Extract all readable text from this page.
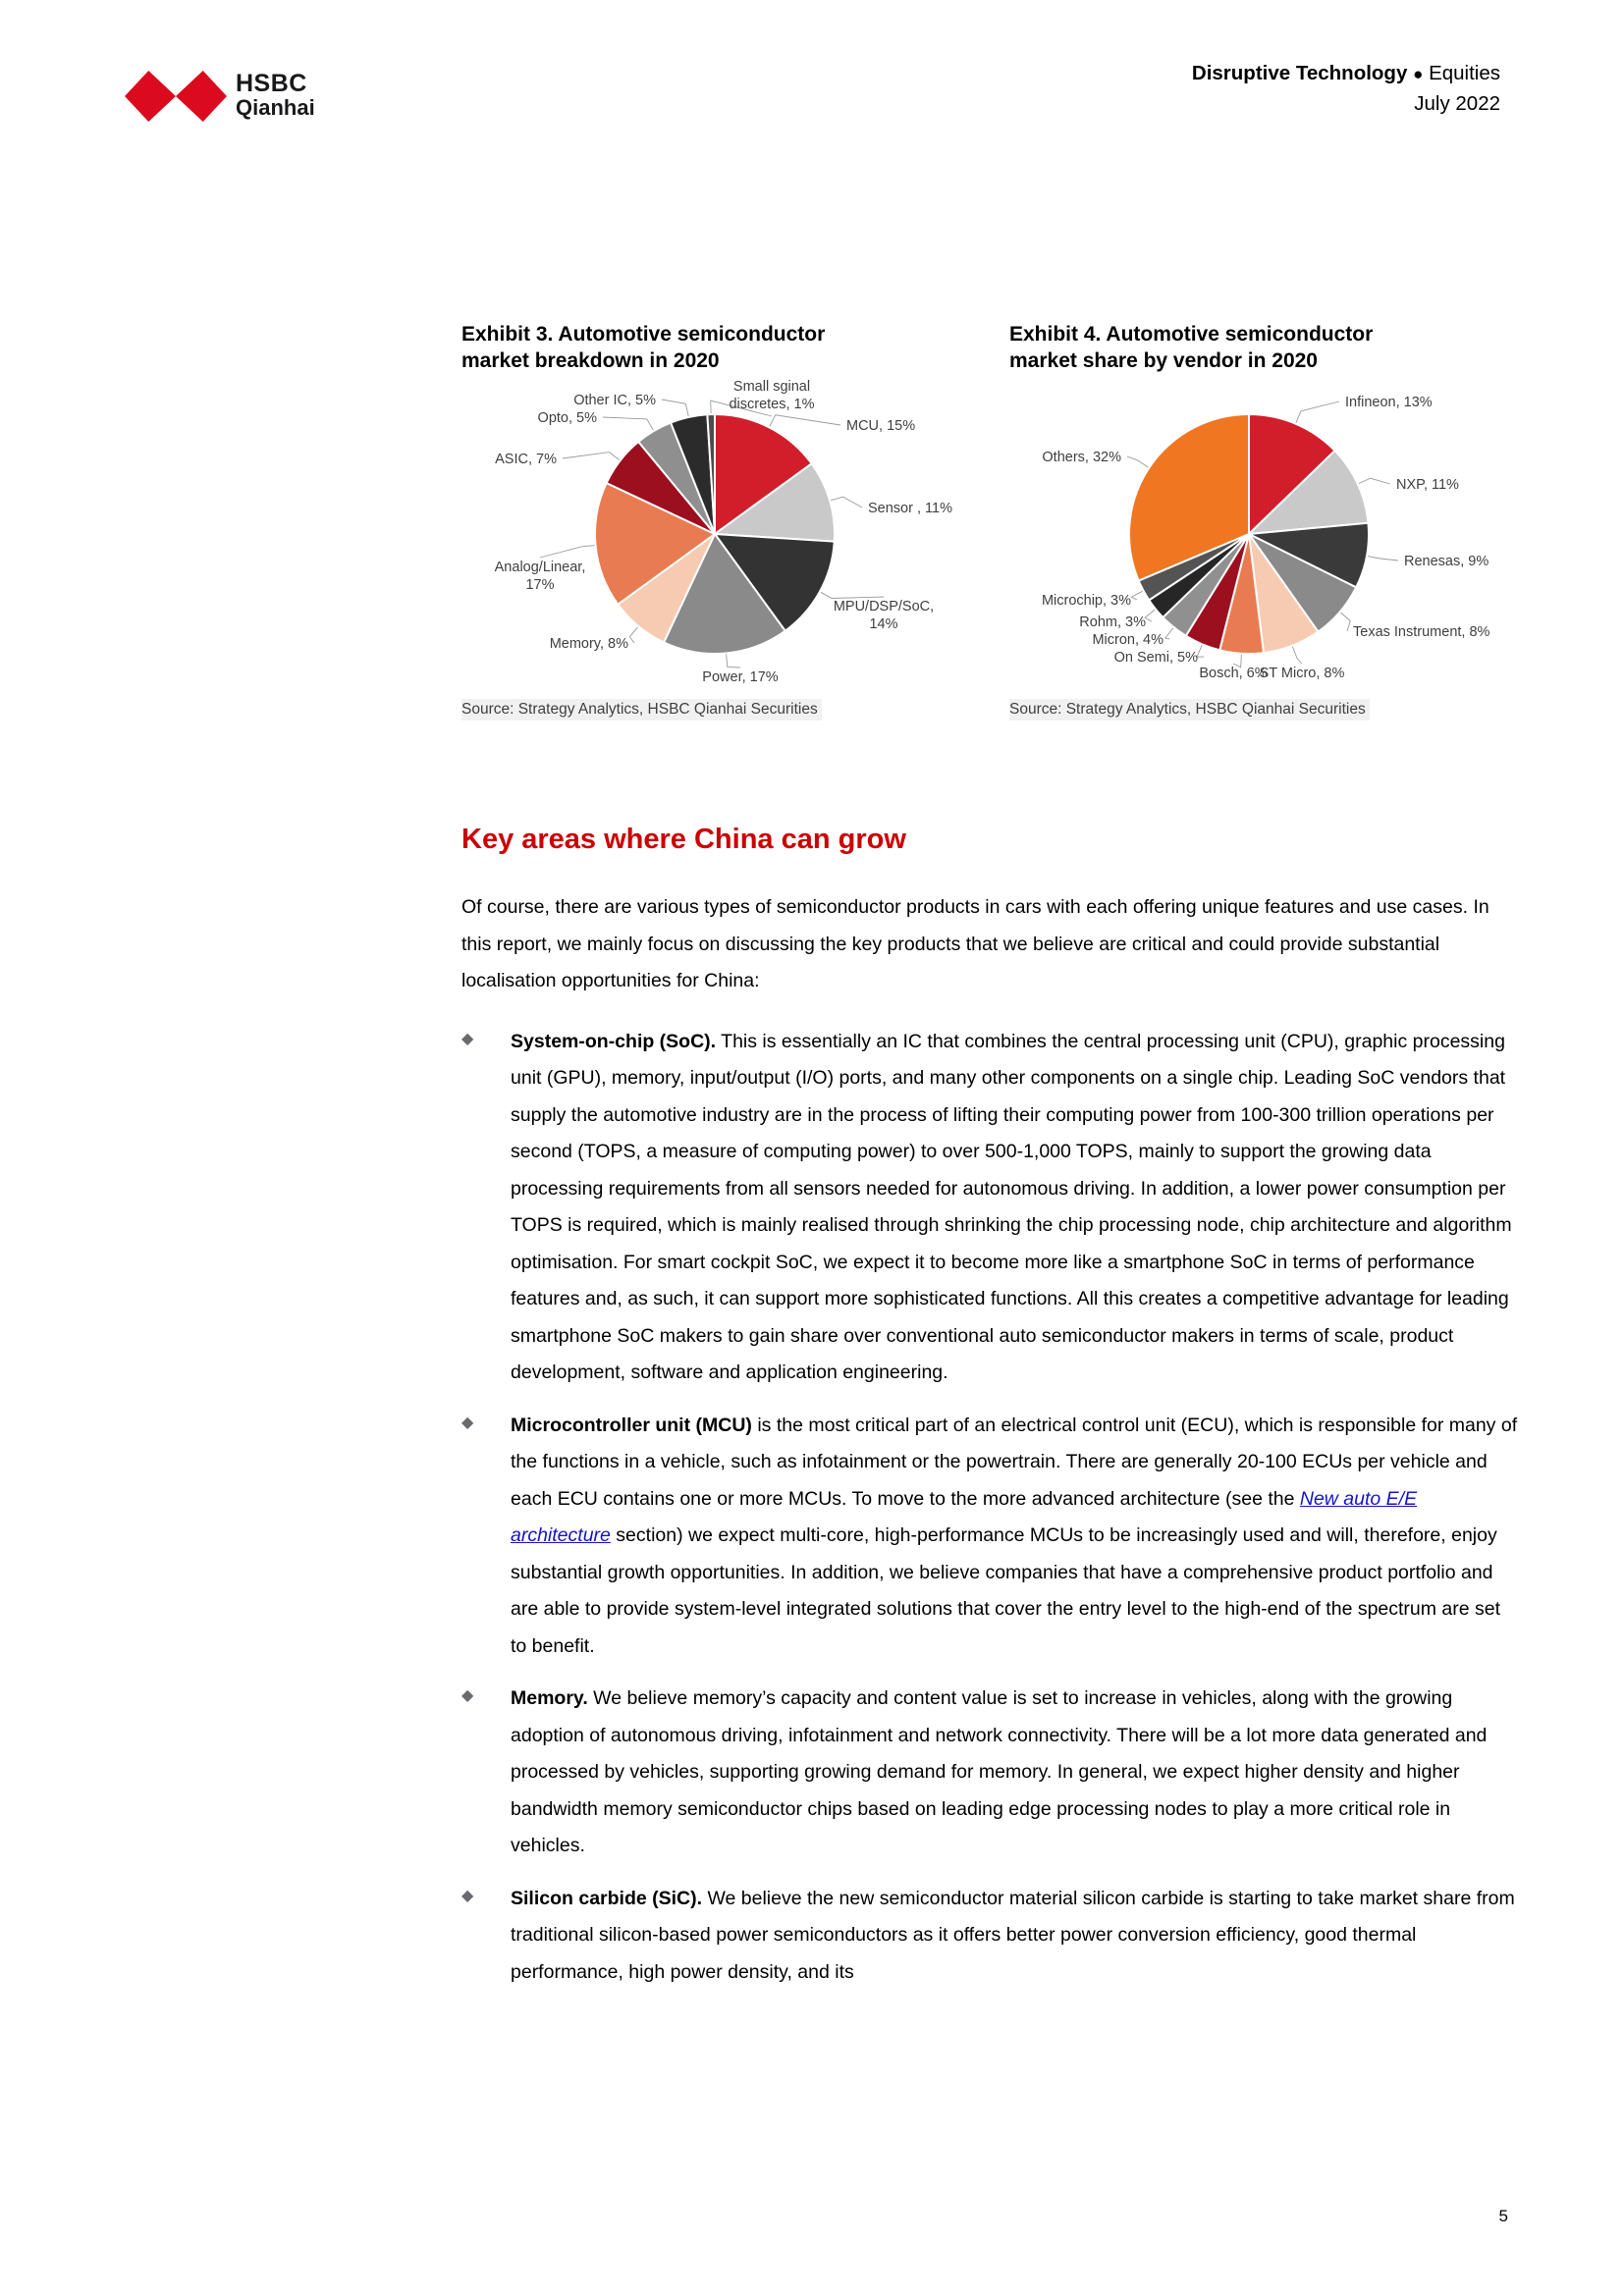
HSBC
Qianhai
Disruptive Technology ● Equities
July 2022
Exhibit 3. Automotive semiconductor
market breakdown in 2020
Exhibit 4. Automotive semiconductor
market share by vendor in 2020
MCU, 15%
Sensor , 11%
MPU/DSP/SoC,
14%
Power, 17%
Memory, 8%
Analog/Linear,
17%
ASIC, 7%
Opto, 5%
Other IC, 5%
Small sginal
discretes, 1%	Infineon, 13%
NXP, 11%
Renesas, 9%
Texas Instrument, 8%
ST Micro, 8%
Bosch, 6%
On Semi, 5%
Micron, 4%
Rohm, 3%
Microchip, 3%
Others, 32%
Source: Strategy Analytics, HSBC Qianhai Securities	Source: Strategy Analytics, HSBC Qianhai Securities
Key areas where China can grow

Of course, there are various types of semiconductor products in cars with each offering unique features and use cases. In this report, we mainly focus on discussing the key products that we believe are critical and could provide substantial localisation opportunities for China:

◆	System-on-chip (SoC). This is essentially an IC that combines the central processing unit (CPU), graphic processing unit (GPU), memory, input/output (I/O) ports, and many other components on a single chip. Leading SoC vendors that supply the automotive industry are in the process of lifting their computing power from 100-300 trillion operations per second (TOPS, a measure of computing power) to over 500-1,000 TOPS, mainly to support the growing data processing requirements from all sensors needed for autonomous driving. In addition, a lower power consumption per TOPS is required, which is mainly realised through shrinking the chip processing node, chip architecture and algorithm optimisation. For smart cockpit SoC, we expect it to become more like a smartphone SoC in terms of performance features and, as such, it can support more sophisticated functions. All this creates a competitive advantage for leading smartphone SoC makers to gain share over conventional auto semiconductor makers in terms of scale, product development, software and application engineering.
◆	Microcontroller unit (MCU) is the most critical part of an electrical control unit (ECU), which is responsible for many of the functions in a vehicle, such as infotainment or the powertrain. There are generally 20-100 ECUs per vehicle and each ECU contains one or more MCUs. To move to the more advanced architecture (see the New auto E/E architecture section) we expect multi-core, high-performance MCUs to be increasingly used and will, therefore, enjoy substantial growth opportunities. In addition, we believe companies that have a comprehensive product portfolio and are able to provide system-level integrated solutions that cover the entry level to the high-end of the spectrum are set to benefit.
◆	Memory. We believe memory’s capacity and content value is set to increase in vehicles, along with the growing adoption of autonomous driving, infotainment and network connectivity. There will be a lot more data generated and processed by vehicles, supporting growing demand for memory. In general, we expect higher density and higher bandwidth memory semiconductor chips based on leading edge processing nodes to play a more critical role in vehicles.
◆	Silicon carbide (SiC). We believe the new semiconductor material silicon carbide is starting to take market share from traditional silicon-based power semiconductors as it offers better power conversion efficiency, good thermal performance, high power density, and its
5
